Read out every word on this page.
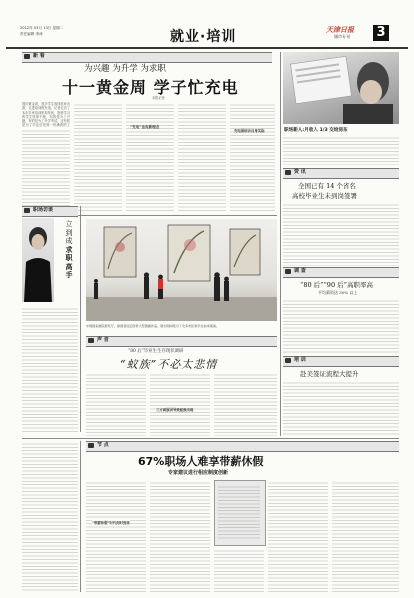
2012年 03月 13日 星期二
责任编辑 李涛	就业·培训	天津日报
城市专刊 3
新 看
为兴趣 为升学 为求职
十一黄金周 学子忙充电
本报记者

国庆黄金周，很多学生选择放弃出游，走进培训班充电。记者走访了本市多家培训机构发现，报班学习的学生络绎不绝，有的是为了兴趣，有的是为了升学考试，还有的是为了毕业后找到一份满意的工	“充电”也有新理念
充电须结合自身实际	职场新人:月收入 1/3 交给房东
资 讯
全国已有 14 个省名
高校毕业生未到岗签署
职场访谈
立
到
成
求
职
高
手
中国国家画院展览厅，参观者驻足欣赏大型国画作品，展出期间吸引了众多市民和学生前来观看。
调 查
“80 后”“90 后”高职率高
平均薪资达 30% 以上
培 训
赴美签证流程大提升
声 音
“80 后”毕业生生存现状调研
“蚁族”不必太悲情
三方面原因导致蚁族出现
节 点
67%职场人难享带薪休假
专家建议进行相应制度创新
“带薪休假”时代何时到来
